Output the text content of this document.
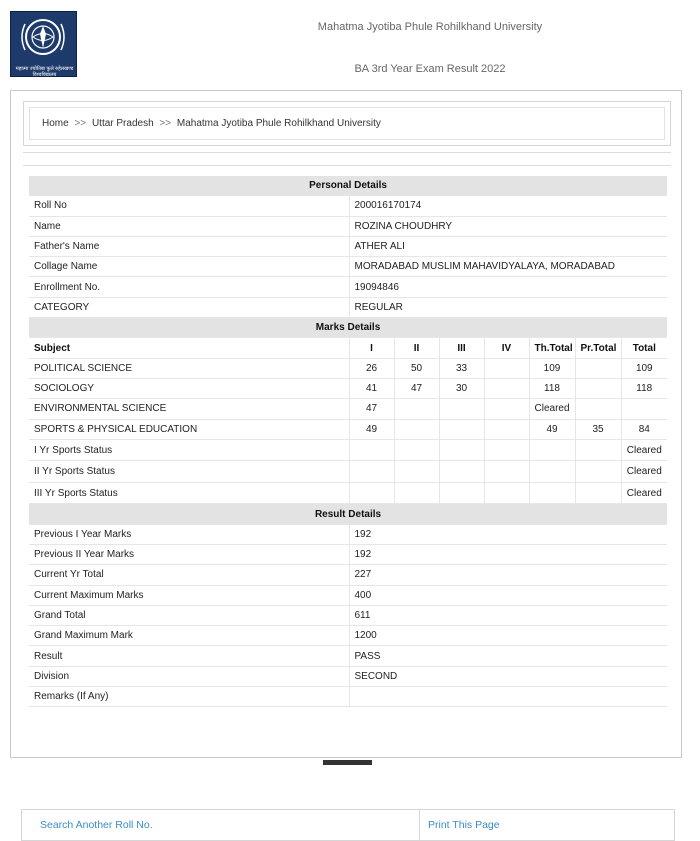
महात्मा ज्योतिबा फुले रुहेलखण्ड विश्वविद्यालय
Mahatma Jyotiba Phule Rohilkhand University
BA 3rd Year Exam Result 2022
Home >> Uttar Pradesh >> Mahatma Jyotiba Phule Rohilkhand University
Personal Details							
Roll No	200016170174						
Name	ROZINA CHOUDHRY						
Father's Name	ATHER ALI						
Collage Name	MORADABAD MUSLIM MAHAVIDYALAYA, MORADABAD						
Enrollment No.	19094846						
CATEGORY	REGULAR						
Marks Details							
Subject	I	II	III	IV	Th.Total	Pr.Total	Total
POLITICAL SCIENCE	26	50	33		109		109
SOCIOLOGY	41	47	30		118		118
ENVIRONMENTAL SCIENCE	47				Cleared		
SPORTS & PHYSICAL EDUCATION	49				49	35	84
I Yr Sports Status							Cleared
II Yr Sports Status							Cleared
III Yr Sports Status							Cleared
Result Details							
Previous I Year Marks	192						
Previous II Year Marks	192						
Current Yr Total	227						
Current Maximum Marks	400						
Grand Total	611						
Grand Maximum Mark	1200						
Result	PASS						
Division	SECOND						
Remarks (If Any)							
Search Another Roll No.	Print This Page
